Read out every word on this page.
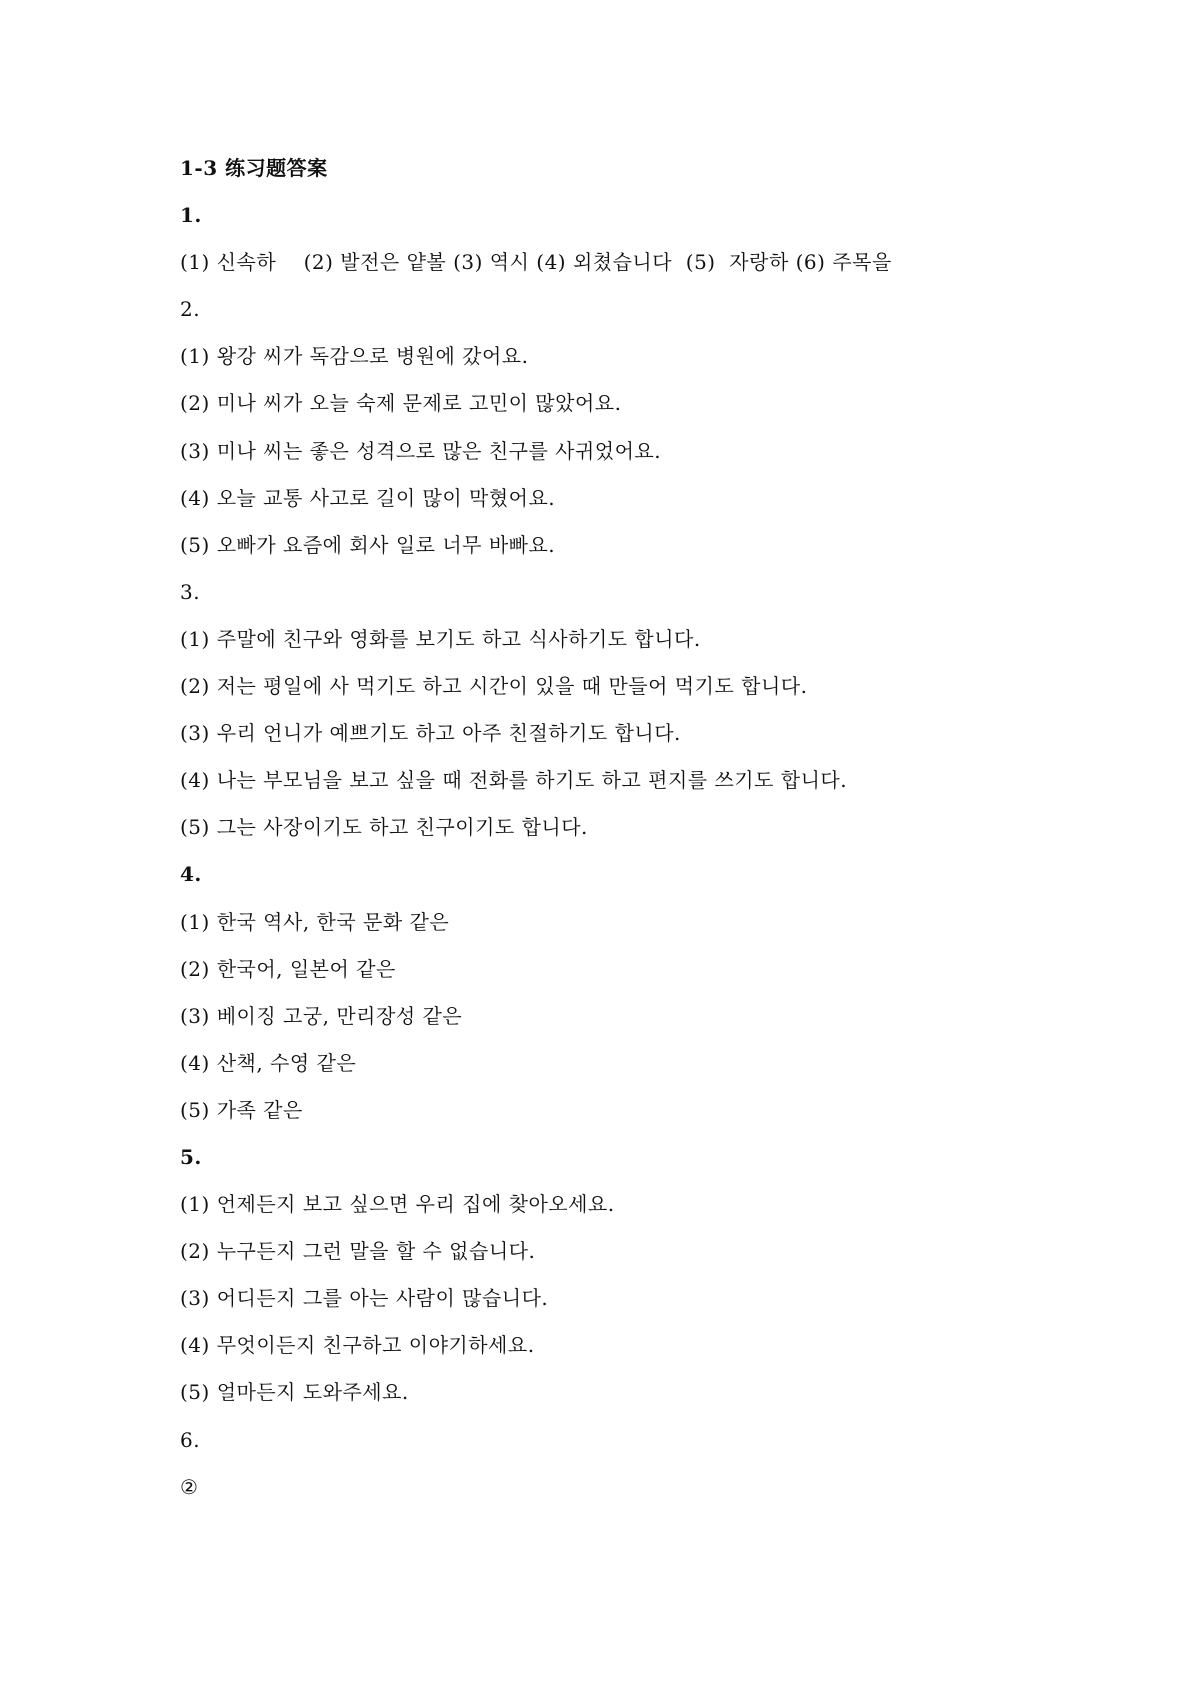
1-3 练习题答案
1.
(1) 신속하    (2) 발전은 얕볼 (3) 역시 (4) 외쳤습니다  (5)  자랑하 (6) 주목을
2.
(1) 왕강 씨가 독감으로 병원에 갔어요.
(2) 미나 씨가 오늘 숙제 문제로 고민이 많았어요.
(3) 미나 씨는 좋은 성격으로 많은 친구를 사귀었어요.
(4) 오늘 교통 사고로 길이 많이 막혔어요.
(5) 오빠가 요즘에 회사 일로 너무 바빠요.
3.
(1) 주말에 친구와 영화를 보기도 하고 식사하기도 합니다.
(2) 저는 평일에 사 먹기도 하고 시간이 있을 때 만들어 먹기도 합니다.
(3) 우리 언니가 예쁘기도 하고 아주 친절하기도 합니다.
(4) 나는 부모님을 보고 싶을 때 전화를 하기도 하고 편지를 쓰기도 합니다.
(5) 그는 사장이기도 하고 친구이기도 합니다.
4.
(1) 한국 역사, 한국 문화 같은
(2) 한국어, 일본어 같은
(3) 베이징 고궁, 만리장성 같은
(4) 산책, 수영 같은
(5) 가족 같은
5.
(1) 언제든지 보고 싶으면 우리 집에 찾아오세요.
(2) 누구든지 그런 말을 할 수 없습니다.
(3) 어디든지 그를 아는 사람이 많습니다.
(4) 무엇이든지 친구하고 이야기하세요.
(5) 얼마든지 도와주세요.
6.
②
